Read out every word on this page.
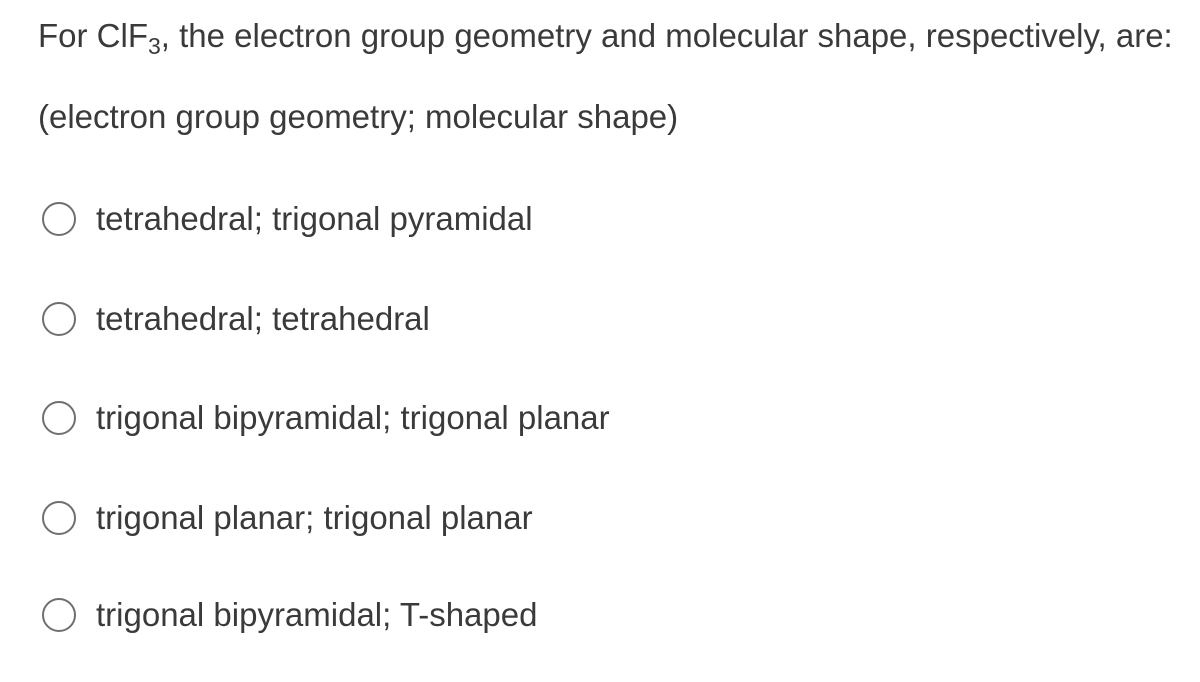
For ClF$_3$, the electron group geometry and molecular shape, respectively, are:
(electron group geometry; molecular shape)
tetrahedral; trigonal pyramidal
tetrahedral; tetrahedral
trigonal bipyramidal; trigonal planar
trigonal planar; trigonal planar
trigonal bipyramidal; T-shaped
